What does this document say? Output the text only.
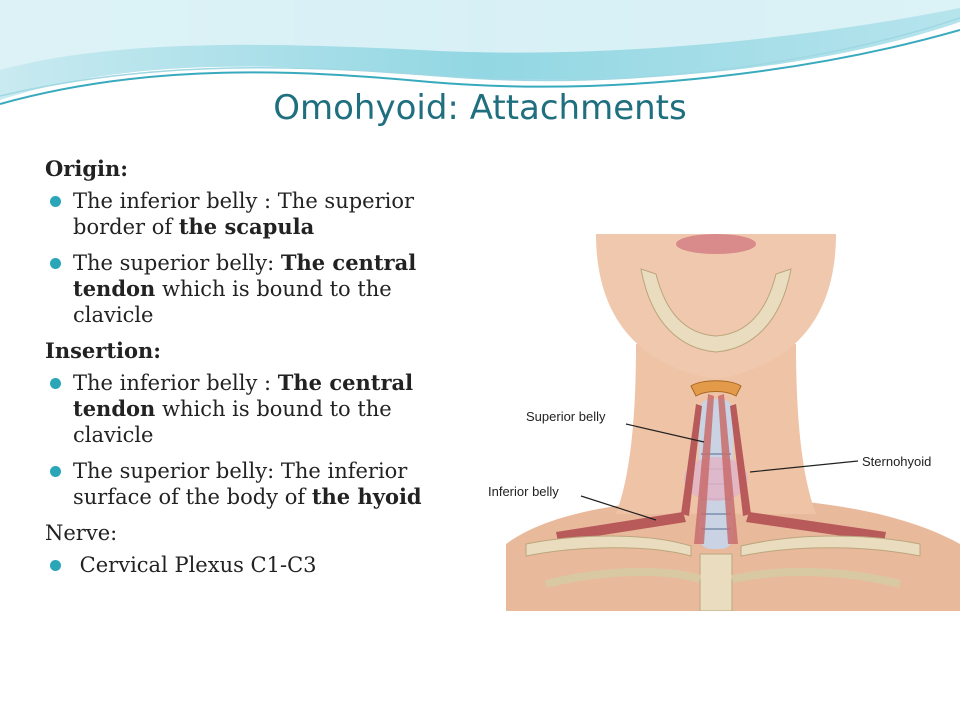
Omohyoid: Attachments
Origin:
The inferior belly : The superior border of the scapula
The superior belly: The central tendon which is bound to the clavicle
Insertion:
The inferior belly : The central tendon which is bound to the clavicle
The superior belly: The inferior surface of the body of the hyoid
Nerve:
Cervical Plexus C1-C3
Superior belly
Inferior belly
Sternohyoid
